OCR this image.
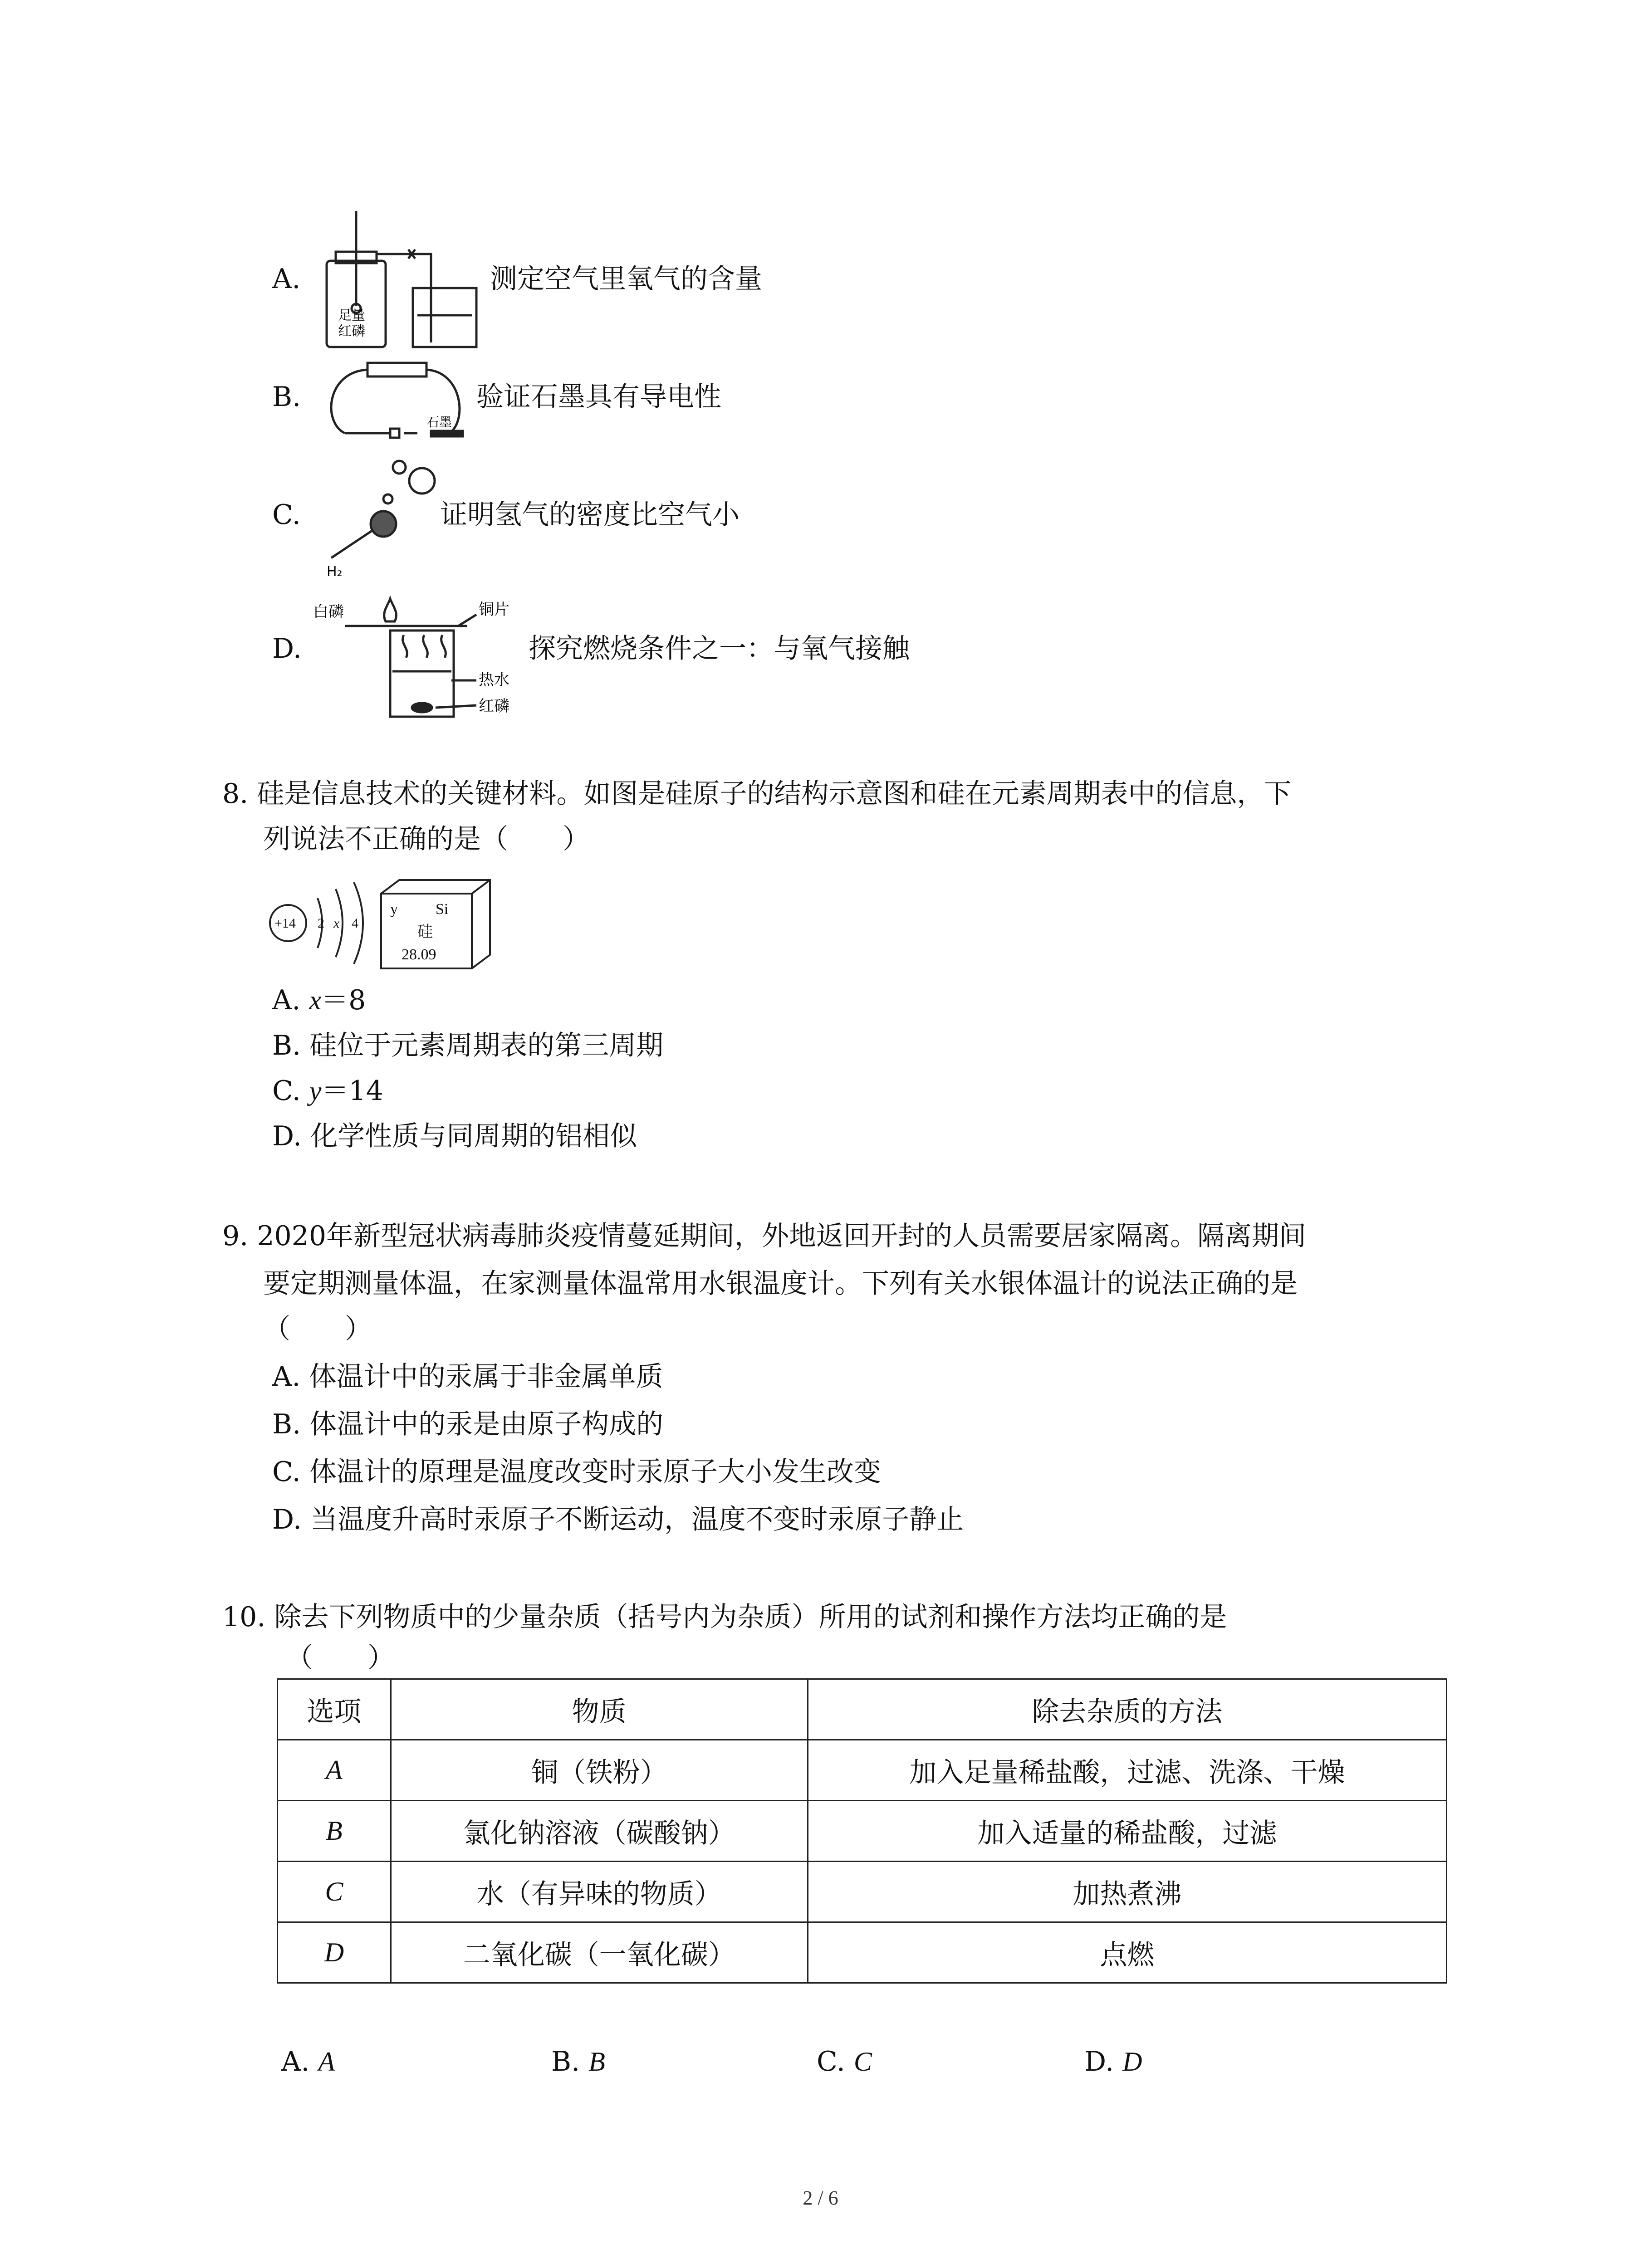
A.
足量
红磷
测定空气里氧气的含量
B.
石墨
验证石墨具有导电性
C.
H₂
证明氢气的密度比空气小
D.
白磷	铜片
热水
红磷
探究燃烧条件之一：与氧气接触
8. 硅是信息技术的关键材料。如图是硅原子的结构示意图和硅在元素周期表中的信息，下
列说法不正确的是（　　）
+14 2 x 4
y Si
硅
28.09
A. x＝8
B. 硅位于元素周期表的第三周期
C. y＝14
D. 化学性质与同周期的铝相似
9. 2020年新型冠状病毒肺炎疫情蔓延期间，外地返回开封的人员需要居家隔离。隔离期间
要定期测量体温，在家测量体温常用水银温度计。下列有关水银体温计的说法正确的是
（　　）
A. 体温计中的汞属于非金属单质
B. 体温计中的汞是由原子构成的
C. 体温计的原理是温度改变时汞原子大小发生改变
D. 当温度升高时汞原子不断运动，温度不变时汞原子静止
10. 除去下列物质中的少量杂质（括号内为杂质）所用的试剂和操作方法均正确的是
（　　）
选项	物质	除去杂质的方法
A	铜（铁粉）	加入足量稀盐酸，过滤、洗涤、干燥
B	氯化钠溶液（碳酸钠）	加入适量的稀盐酸，过滤
C	水（有异味的物质）	加热煮沸
D	二氧化碳（一氧化碳）	点燃
A. A	B. B	C. C	D. D
2 / 6
